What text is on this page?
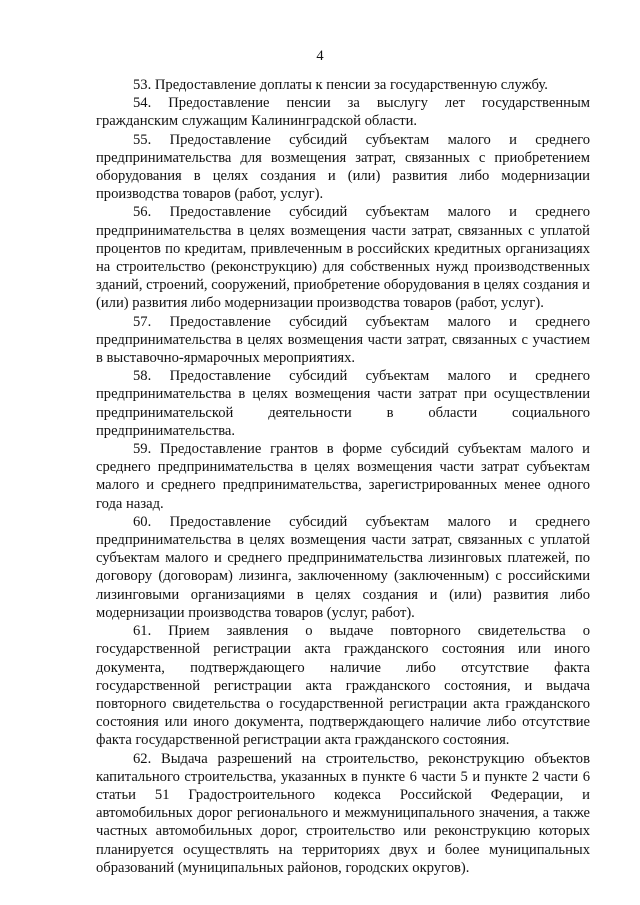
4

53. Предоставление доплаты к пенсии за государственную службу.

54. Предоставление пенсии за выслугу лет государственным гражданским служащим Калининградской области.

55. Предоставление субсидий субъектам малого и среднего предпринимательства для возмещения затрат, связанных с приобретением оборудования в целях создания и (или) развития либо модернизации производства товаров (работ, услуг).

56. Предоставление субсидий субъектам малого и среднего предпринимательства в целях возмещения части затрат, связанных с уплатой процентов по кредитам, привлеченным в российских кредитных организациях на строительство (реконструкцию) для собственных нужд производственных зданий, строений, сооружений, приобретение оборудования в целях создания и (или) развития либо модернизации производства товаров (работ, услуг).

57. Предоставление субсидий субъектам малого и среднего предпринимательства в целях возмещения части затрат, связанных с участием в выставочно-ярмарочных мероприятиях.

58. Предоставление субсидий субъектам малого и среднего предпринимательства в целях возмещения части затрат при осуществлении предпринимательской деятельности в области социального предпринимательства.

59. Предоставление грантов в форме субсидий субъектам малого и среднего предпринимательства в целях возмещения части затрат субъектам малого и среднего предпринимательства, зарегистрированных менее одного года назад.

60. Предоставление субсидий субъектам малого и среднего предпринимательства в целях возмещения части затрат, связанных с уплатой субъектам малого и среднего предпринимательства лизинговых платежей, по договору (договорам) лизинга, заключенному (заключенным) с российскими лизинговыми организациями в целях создания и (или) развития либо модернизации производства товаров (услуг, работ).

61. Прием заявления о выдаче повторного свидетельства о государственной регистрации акта гражданского состояния или иного документа, подтверждающего наличие либо отсутствие факта государственной регистрации акта гражданского состояния, и выдача повторного свидетельства о государственной регистрации акта гражданского состояния или иного документа, подтверждающего наличие либо отсутствие факта государственной регистрации акта гражданского состояния.

62. Выдача разрешений на строительство, реконструкцию объектов капитального строительства, указанных в пункте 6 части 5 и пункте 2 части 6 статьи 51 Градостроительного кодекса Российской Федерации, и автомобильных дорог регионального и межмуниципального значения, а также частных автомобильных дорог, строительство или реконструкцию которых планируется осуществлять на территориях двух и более муниципальных образований (муниципальных районов, городских округов).
